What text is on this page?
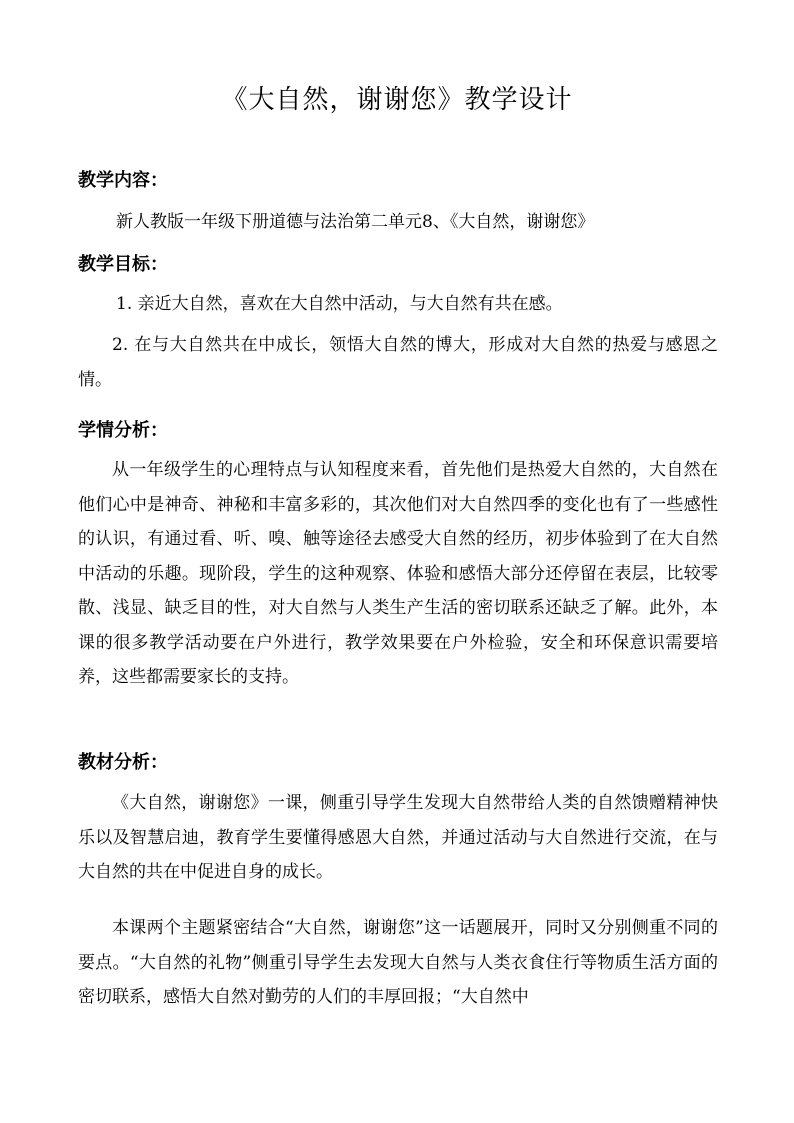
《大自然，谢谢您》教学设计
教学内容：
新人教版一年级下册道德与法治第二单元8、《大自然，谢谢您》
教学目标：
1. 亲近大自然，喜欢在大自然中活动，与大自然有共在感。
2. 在与大自然共在中成长，领悟大自然的博大，形成对大自然的热爱与感恩之情。
学情分析：
从一年级学生的心理特点与认知程度来看，首先他们是热爱大自然的，大自然在他们心中是神奇、神秘和丰富多彩的，其次他们对大自然四季的变化也有了一些感性的认识，有通过看、听、嗅、触等途径去感受大自然的经历，初步体验到了在大自然中活动的乐趣。现阶段，学生的这种观察、体验和感悟大部分还停留在表层，比较零散、浅显、缺乏目的性，对大自然与人类生产生活的密切联系还缺乏了解。此外，本课的很多教学活动要在户外进行，教学效果要在户外检验，安全和环保意识需要培养，这些都需要家长的支持。
教材分析：
《大自然，谢谢您》一课，侧重引导学生发现大自然带给人类的自然馈赠精神快乐以及智慧启迪，教育学生要懂得感恩大自然，并通过活动与大自然进行交流，在与大自然的共在中促进自身的成长。
本课两个主题紧密结合“大自然，谢谢您”这一话题展开，同时又分别侧重不同的要点。“大自然的礼物”侧重引导学生去发现大自然与人类衣食住行等物质生活方面的密切联系，感悟大自然对勤劳的人们的丰厚回报；“大自然中
